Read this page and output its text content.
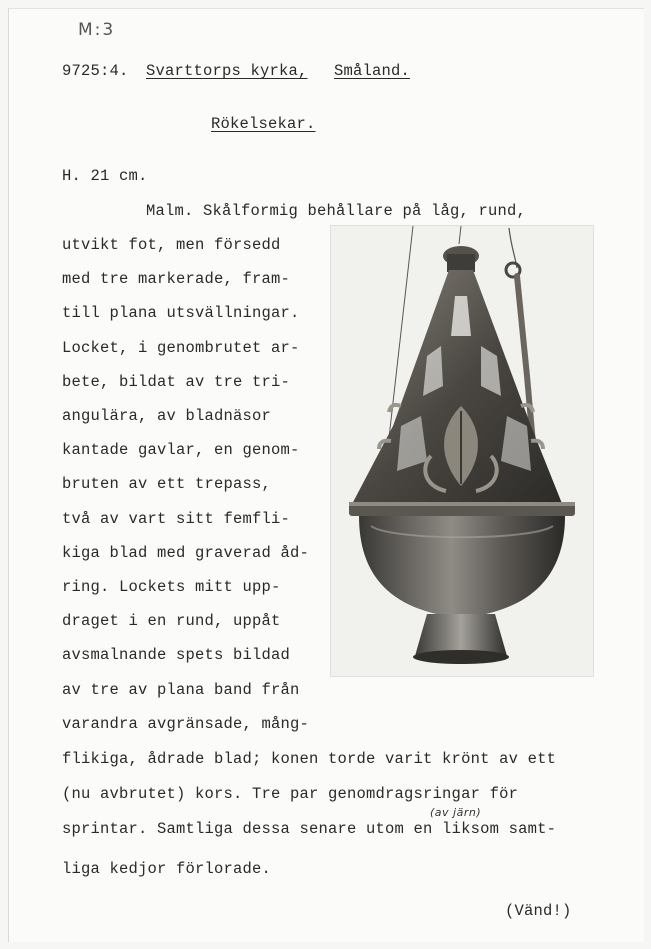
M:3
9725:4. Svarttorps kyrka, Småland.
Rökelsekar.
H. 21 cm.
Malm. Skålformig behållare på låg, rund,
utvikt fot, men försedd
med tre markerade, fram-
till plana utsvällningar.
Locket, i genombrutet ar-
bete, bildat av tre tri-
angulära, av bladnäsor
kantade gavlar, en genom-
bruten av ett trepass,
två av vart sitt femfli-
kiga blad med graverad åd-
ring. Lockets mitt upp-
draget i en rund, uppåt
avsmalnande spets bildad
av tre av plana band från
varandra avgränsade, mång-
flikiga, ådrade blad; konen torde varit krönt av ett
(nu avbrutet) kors. Tre par genomdragsringar för
(av järn)
sprintar. Samtliga dessa senare utom en liksom samt-
liga kedjor förlorade.
(Vänd!)
